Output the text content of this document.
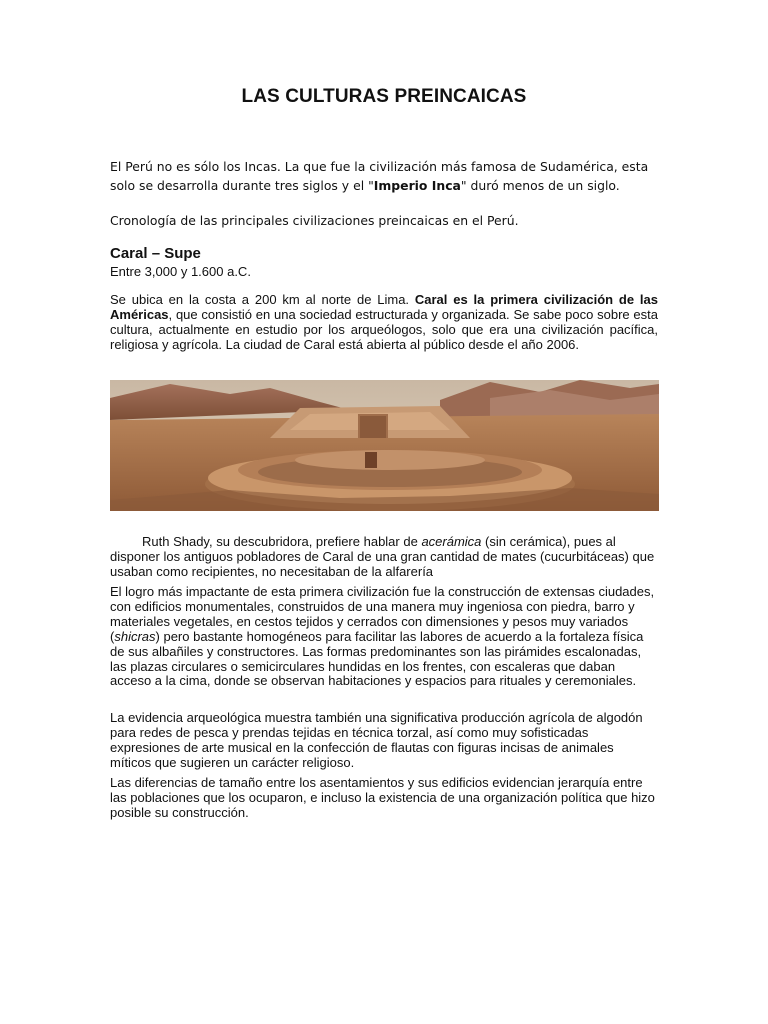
LAS CULTURAS PREINCAICAS

El Perú no es sólo los Incas. La que fue la civilización más famosa de Sudamérica, esta solo se desarrolla durante tres siglos y el "Imperio Inca" duró menos de un siglo.

Cronología de las principales civilizaciones preincaicas en el Perú.

Caral – Supe

Entre 3,000 y 1.600 a.C.

Se ubica en la costa a 200 km al norte de Lima. Caral es la primera civilización de las Américas, que consistió en una sociedad estructurada y organizada. Se sabe poco sobre esta cultura, actualmente en estudio por los arqueólogos, solo que era una civilización pacífica, religiosa y agrícola. La ciudad de Caral está abierta al público desde el año 2006.

Ruth Shady, su descubridora, prefiere hablar de acerámica (sin cerámica), pues al disponer los antiguos pobladores de Caral de una gran cantidad de mates (cucurbitáceas) que usaban como recipientes, no necesitaban de la alfarería

El logro más impactante de esta primera civilización fue la construcción de extensas ciudades, con edificios monumentales, construidos de una manera muy ingeniosa con piedra, barro y materiales vegetales, en cestos tejidos y cerrados con dimensiones y pesos muy variados (shicras) pero bastante homogéneos para facilitar las labores de acuerdo a la fortaleza física de sus albañiles y constructores. Las formas predominantes son las pirámides escalonadas, las plazas circulares o semicirculares hundidas en los frentes, con escaleras que daban acceso a la cima, donde se observan habitaciones y espacios para rituales y ceremoniales.

La evidencia arqueológica muestra también una significativa producción agrícola de algodón para redes de pesca y prendas tejidas en técnica torzal, así como muy sofisticadas expresiones de arte musical en la confección de flautas con figuras incisas de animales míticos que sugieren un carácter religioso.

Las diferencias de tamaño entre los asentamientos y sus edificios evidencian jerarquía entre las poblaciones que los ocuparon, e incluso la existencia de una organización política que hizo posible su construcción.
